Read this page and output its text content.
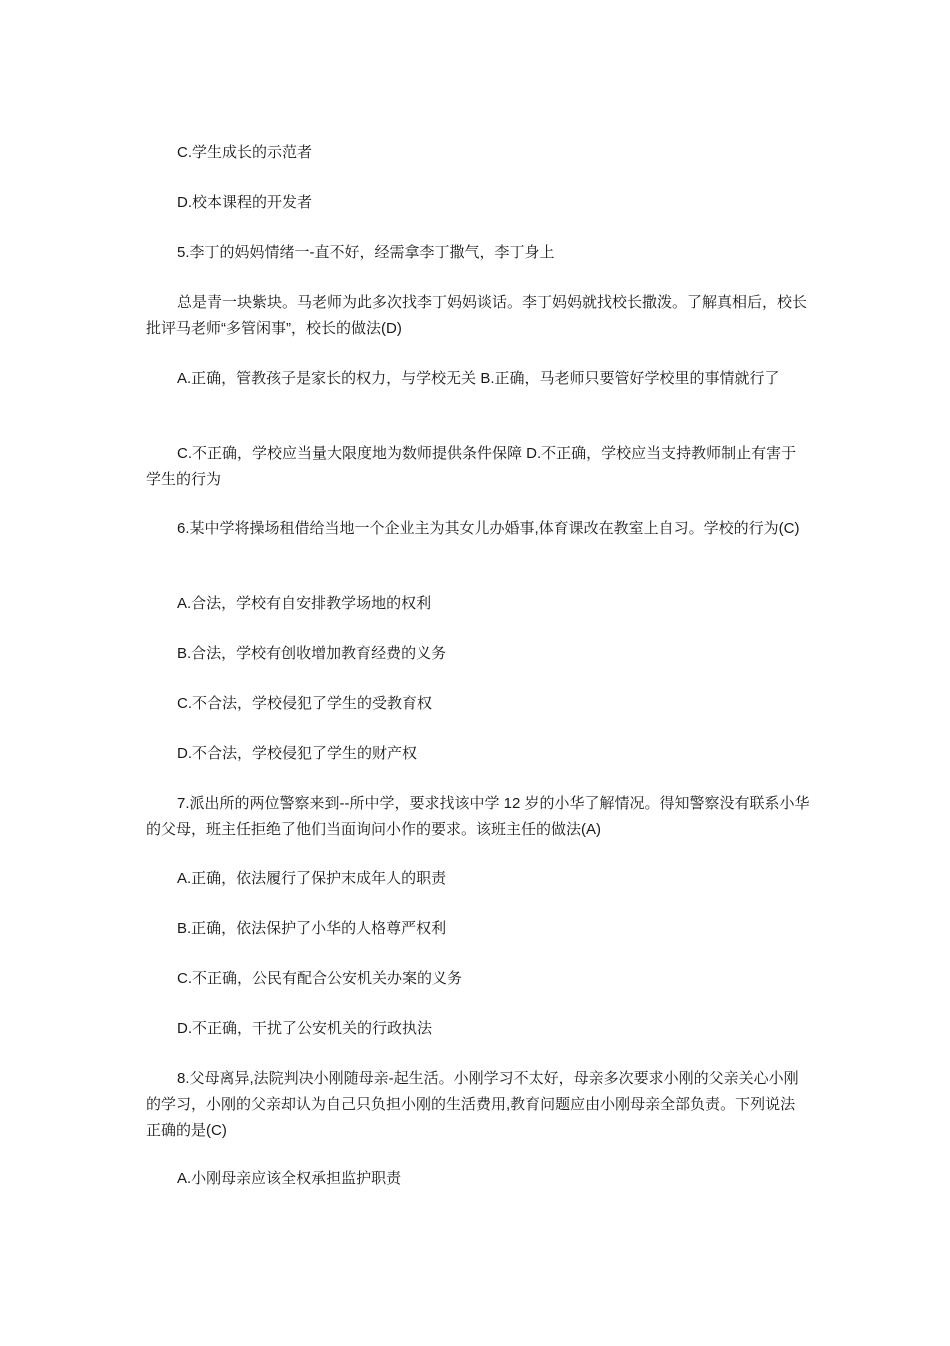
C.学生成长的示范者

D.校本课程的开发者

5.李丁的妈妈情绪一-直不好，经需拿李丁撒气，李丁身上

总是青一块紫块。马老师为此多次找李丁妈妈谈话。李丁妈妈就找校长撒泼。了解真相后，校长批评马老师“多管闲事”，校长的做法(D)

A.正确，管教孩子是家长的权力，与学校无关 B.正确，马老师只要管好学校里的事情就行了

C.不正确，学校应当量大限度地为数师提供条件保障 D.不正确，学校应当支持教师制止有害于学生的行为

6.某中学将操场租借给当地一个企业主为其女儿办婚事,体育课改在教室上自习。学校的行为(C)

A.合法，学校有自安排教学场地的权利

B.合法，学校有创收增加教育经费的义务

C.不合法，学校侵犯了学生的受教育权

D.不合法，学校侵犯了学生的财产权

7.派出所的两位警察来到--所中学，要求找该中学 12 岁的小华了解情况。得知警察没有联系小华的父母，班主任拒绝了他们当面询问小作的要求。该班主任的做法(A)

A.正确，依法履行了保护末成年人的职责

B.正确，依法保护了小华的人格尊严权利

C.不正确，公民有配合公安机关办案的义务

D.不正确，干扰了公安机关的行政执法

8.父母离异,法院判决小刚随母亲-起生活。小刚学习不太好，母亲多次要求小刚的父亲关心小刚的学习，小刚的父亲却认为自己只负担小刚的生活费用,教育问题应由小刚母亲全部负责。下列说法正确的是(C)

A.小刚母亲应该全权承担监护职责
